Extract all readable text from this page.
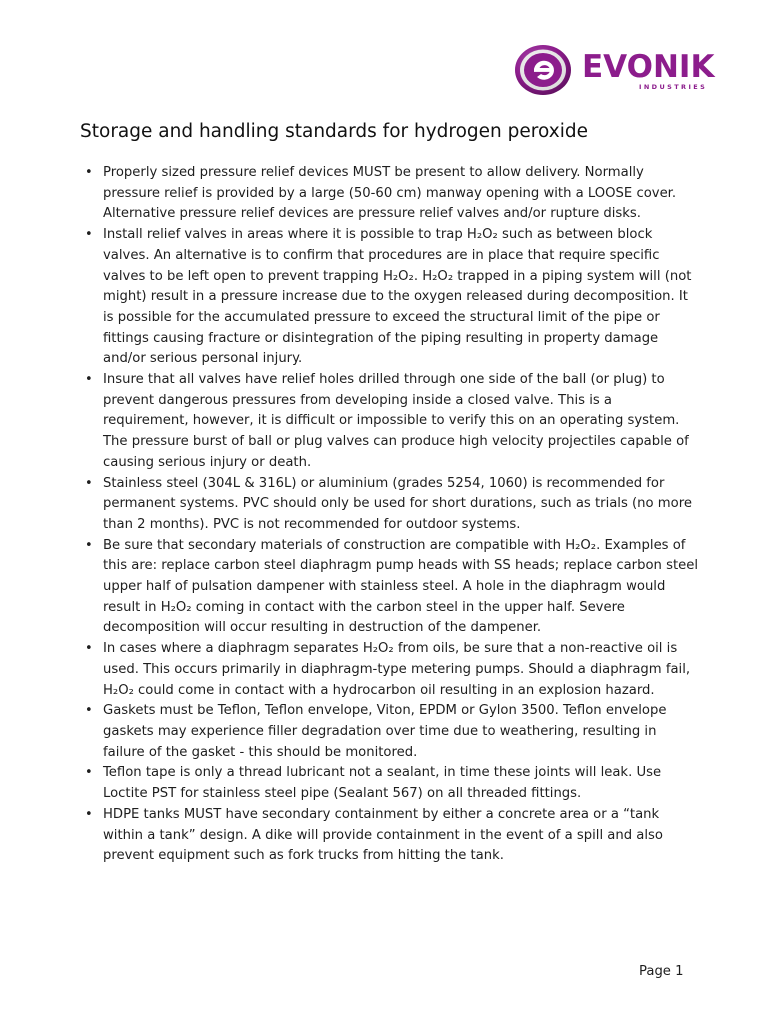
EVONIK
INDUSTRIES
Storage and handling standards for hydrogen peroxide
• Properly sized pressure relief devices MUST be present to allow delivery. Normally pressure relief is provided by a large (50-60 cm) manway opening with a LOOSE cover. Alternative pressure relief devices are pressure relief valves and/or rupture disks.
• Install relief valves in areas where it is possible to trap H₂O₂ such as between block valves. An alternative is to confirm that procedures are in place that require specific valves to be left open to prevent trapping H₂O₂. H₂O₂ trapped in a piping system will (not might) result in a pressure increase due to the oxygen released during decomposition. It is possible for the accumulated pressure to exceed the structural limit of the pipe or fittings causing fracture or disintegration of the piping resulting in property damage and/or serious personal injury.
• Insure that all valves have relief holes drilled through one side of the ball (or plug) to prevent dangerous pressures from developing inside a closed valve. This is a requirement, however, it is difficult or impossible to verify this on an operating system. The pressure burst of ball or plug valves can produce high velocity projectiles capable of causing serious injury or death.
• Stainless steel (304L & 316L) or aluminium (grades 5254, 1060) is recommended for permanent systems. PVC should only be used for short durations, such as trials (no more than 2 months). PVC is not recommended for outdoor systems.
• Be sure that secondary materials of construction are compatible with H₂O₂. Examples of this are: replace carbon steel diaphragm pump heads with SS heads; replace carbon steel upper half of pulsation dampener with stainless steel. A hole in the diaphragm would result in H₂O₂ coming in contact with the carbon steel in the upper half. Severe decomposition will occur resulting in destruction of the dampener.
• In cases where a diaphragm separates H₂O₂ from oils, be sure that a non-reactive oil is used. This occurs primarily in diaphragm-type metering pumps. Should a diaphragm fail, H₂O₂ could come in contact with a hydrocarbon oil resulting in an explosion hazard.
• Gaskets must be Teflon, Teflon envelope, Viton, EPDM or Gylon 3500. Teflon envelope gaskets may experience filler degradation over time due to weathering, resulting in failure of the gasket - this should be monitored.
• Teflon tape is only a thread lubricant not a sealant, in time these joints will leak. Use Loctite PST for stainless steel pipe (Sealant 567) on all threaded fittings.
• HDPE tanks MUST have secondary containment by either a concrete area or a “tank within a tank” design. A dike will provide containment in the event of a spill and also prevent equipment such as fork trucks from hitting the tank.
Page 1
